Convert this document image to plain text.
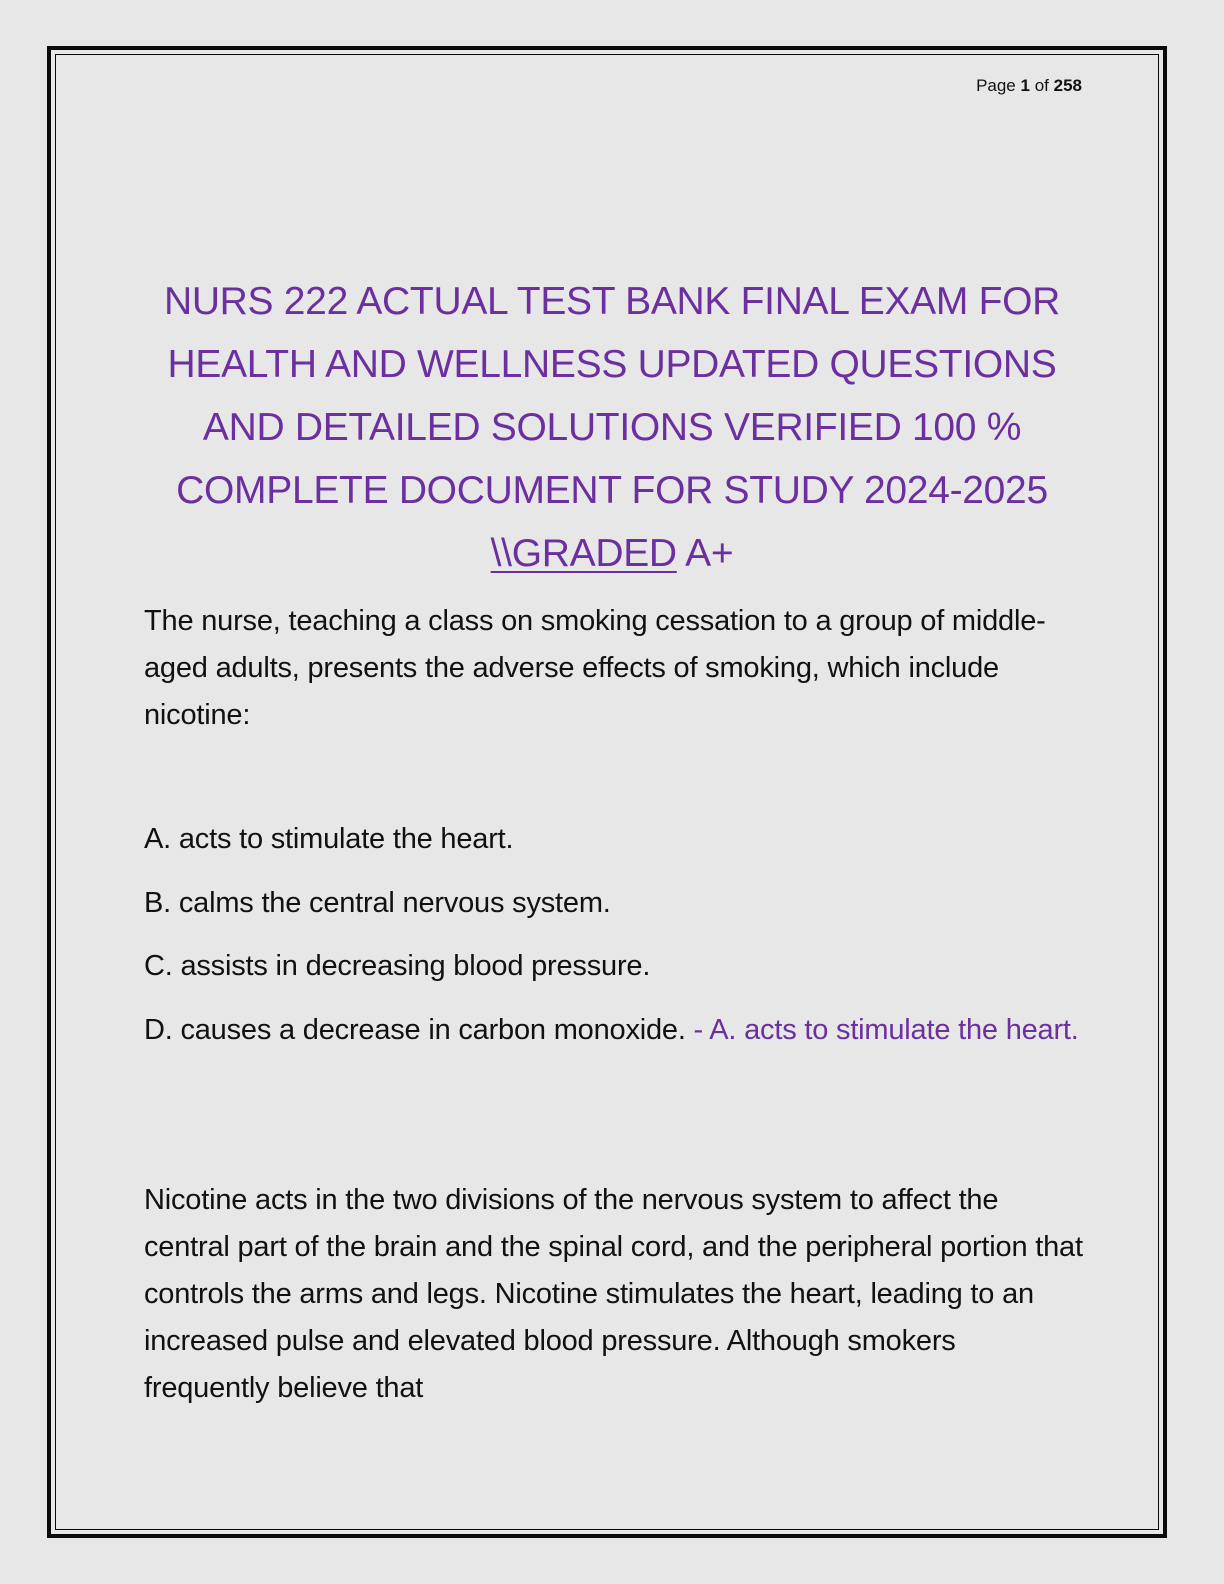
Page 1 of 258
NURS 222 ACTUAL TEST BANK FINAL EXAM FOR
HEALTH AND WELLNESS UPDATED QUESTIONS
AND DETAILED SOLUTIONS VERIFIED 100 %
COMPLETE DOCUMENT FOR STUDY 2024-2025
\\GRADED A+
The nurse, teaching a class on smoking cessation to a group of middle-aged adults, presents the adverse effects of smoking, which include nicotine:
A. acts to stimulate the heart.
B. calms the central nervous system.
C. assists in decreasing blood pressure.
D. causes a decrease in carbon monoxide. - A. acts to stimulate the heart.
Nicotine acts in the two divisions of the nervous system to affect the central part of the brain and the spinal cord, and the peripheral portion that controls the arms and legs. Nicotine stimulates the heart, leading to an increased pulse and elevated blood pressure. Although smokers frequently believe that
